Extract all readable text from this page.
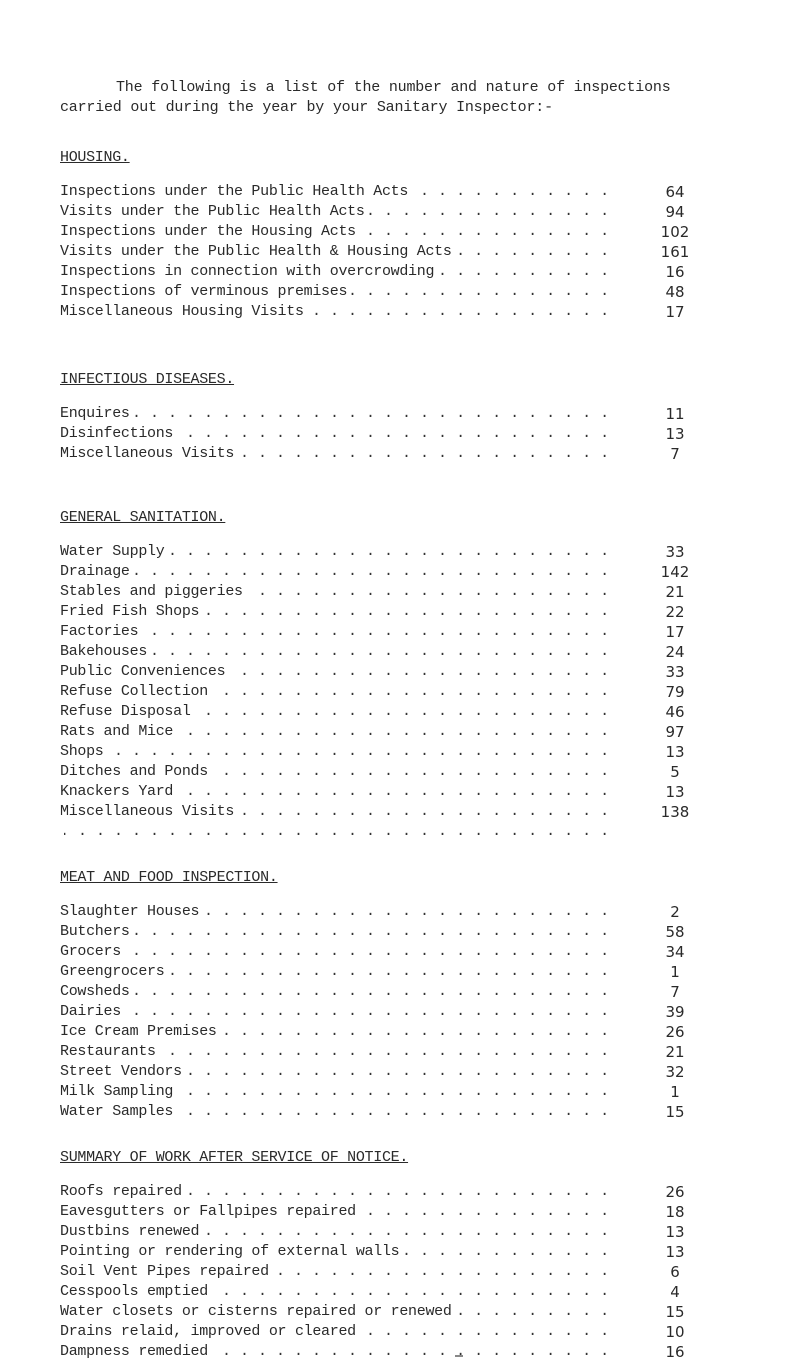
The following is a list of the number and nature of inspections carried out during the year by your Sanitary Inspector:-
HOUSING.
Inspections under the Public Health Acts . . .	64
Visits under the Public Health Acts . . .	94
Inspections under the Housing Acts . . .	102
Visits under the Public Health & Housing Acts . . .	161
Inspections in connection with overcrowding . . .	16
Inspections of verminous premises . . .	48
Miscellaneous Housing Visits . . .	17
INFECTIOUS DISEASES.
Enquires . . .	11
Disinfections . . .	13
Miscellaneous Visits . . .	7
GENERAL SANITATION.
Water Supply . . .	33
Drainage . . .	142
Stables and piggeries . . .	21
Fried Fish Shops . . .	22
Factories . . .	17
Bakehouses . . .	24
Public Conveniences . . .	33
Refuse Collection . . .	79
Refuse Disposal . . .	46
Rats and Mice . . .	97
Shops . . .	13
Ditches and Ponds . . .	5
Knackers Yard . . .	13
Miscellaneous Visits . . .	138
. . .
MEAT AND FOOD INSPECTION.
Slaughter Houses . . .	2
Butchers . . .	58
Grocers . . .	34
Greengrocers . . .	1
Cowsheds . . .	7
Dairies . . .	39
Ice Cream Premises . . .	26
Restaurants . . .	21
Street Vendors . . .	32
Milk Sampling . . .	1
Water Samples . . .	15
SUMMARY OF WORK AFTER SERVICE OF NOTICE.
Roofs repaired . . .	26
Eavesgutters or Fallpipes repaired . . .	18
Dustbins renewed . . .	13
Pointing or rendering of external walls . . .	13
Soil Vent Pipes repaired . . .	6
Cesspools emptied . . .	4
Water closets or cisterns repaired or renewed . . .	15
Drains relaid, improved or cleared . . .	10
Dampness remedied . . .	16
